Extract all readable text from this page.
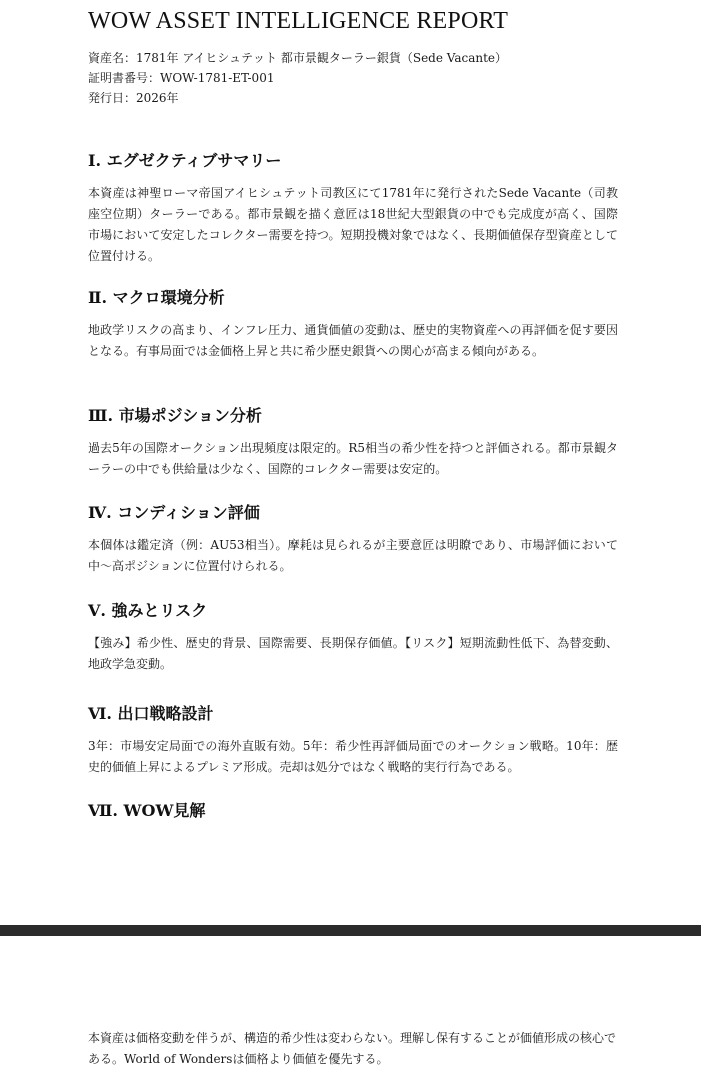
WOW ASSET INTELLIGENCE REPORT
資産名：1781年 アイヒシュテット 都市景観ターラー銀貨（Sede Vacante）
証明書番号：WOW-1781-ET-001
発行日：2026年
Ⅰ. エグゼクティブサマリー

本資産は神聖ローマ帝国アイヒシュテット司教区にて1781年に発行されたSede Vacante（司教座空位期）ターラーである。都市景観を描く意匠は18世紀大型銀貨の中でも完成度が高く、国際市場において安定したコレクター需要を持つ。短期投機対象ではなく、長期価値保存型資産として位置付ける。

Ⅱ. マクロ環境分析

地政学リスクの高まり、インフレ圧力、通貨価値の変動は、歴史的実物資産への再評価を促す要因となる。有事局面では金価格上昇と共に希少歴史銀貨への関心が高まる傾向がある。

Ⅲ. 市場ポジション分析

過去5年の国際オークション出現頻度は限定的。R5相当の希少性を持つと評価される。都市景観ターラーの中でも供給量は少なく、国際的コレクター需要は安定的。

Ⅳ. コンディション評価

本個体は鑑定済（例：AU53相当）。摩耗は見られるが主要意匠は明瞭であり、市場評価において中〜高ポジションに位置付けられる。

Ⅴ. 強みとリスク

【強み】希少性、歴史的背景、国際需要、長期保存価値。【リスク】短期流動性低下、為替変動、地政学急変動。

Ⅵ. 出口戦略設計

3年：市場安定局面での海外直販有効。5年：希少性再評価局面でのオークション戦略。10年：歴史的価値上昇によるプレミア形成。売却は処分ではなく戦略的実行行為である。

Ⅶ. WOW見解

本資産は価格変動を伴うが、構造的希少性は変わらない。理解し保有することが価値形成の核心である。World of Wondersは価格より価値を優先する。
